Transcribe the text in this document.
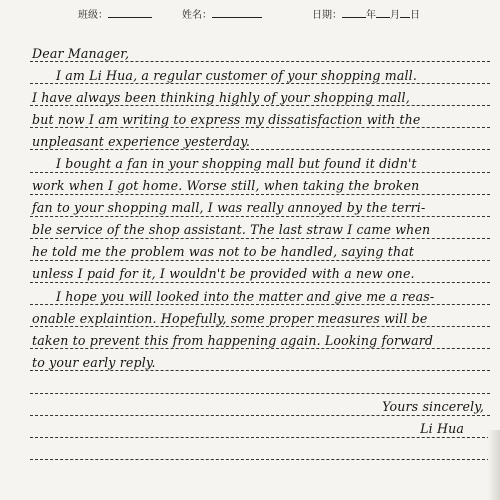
班级：	姓名：	日期： 年 月 日
Dear Manager,
I am Li Hua, a regular customer of your shopping mall.
I have always been thinking highly of your shopping mall,
but now I am writing to express my dissatisfaction with the
unpleasant experience yesterday.
I bought a fan in your shopping mall but found it didn't
work when I got home. Worse still, when taking the broken
fan to your shopping mall, I was really annoyed by the terri-
ble service of the shop assistant. The last straw I came when
he told me the problem was not to be handled, saying that
unless I paid for it, I wouldn't be provided with a new one.
I hope you will looked into the matter and give me a reas-
onable explaintion. Hopefully, some proper measures will be
taken to prevent this from happening again. Looking forward
to your early reply.
Yours sincerely,
Li Hua
